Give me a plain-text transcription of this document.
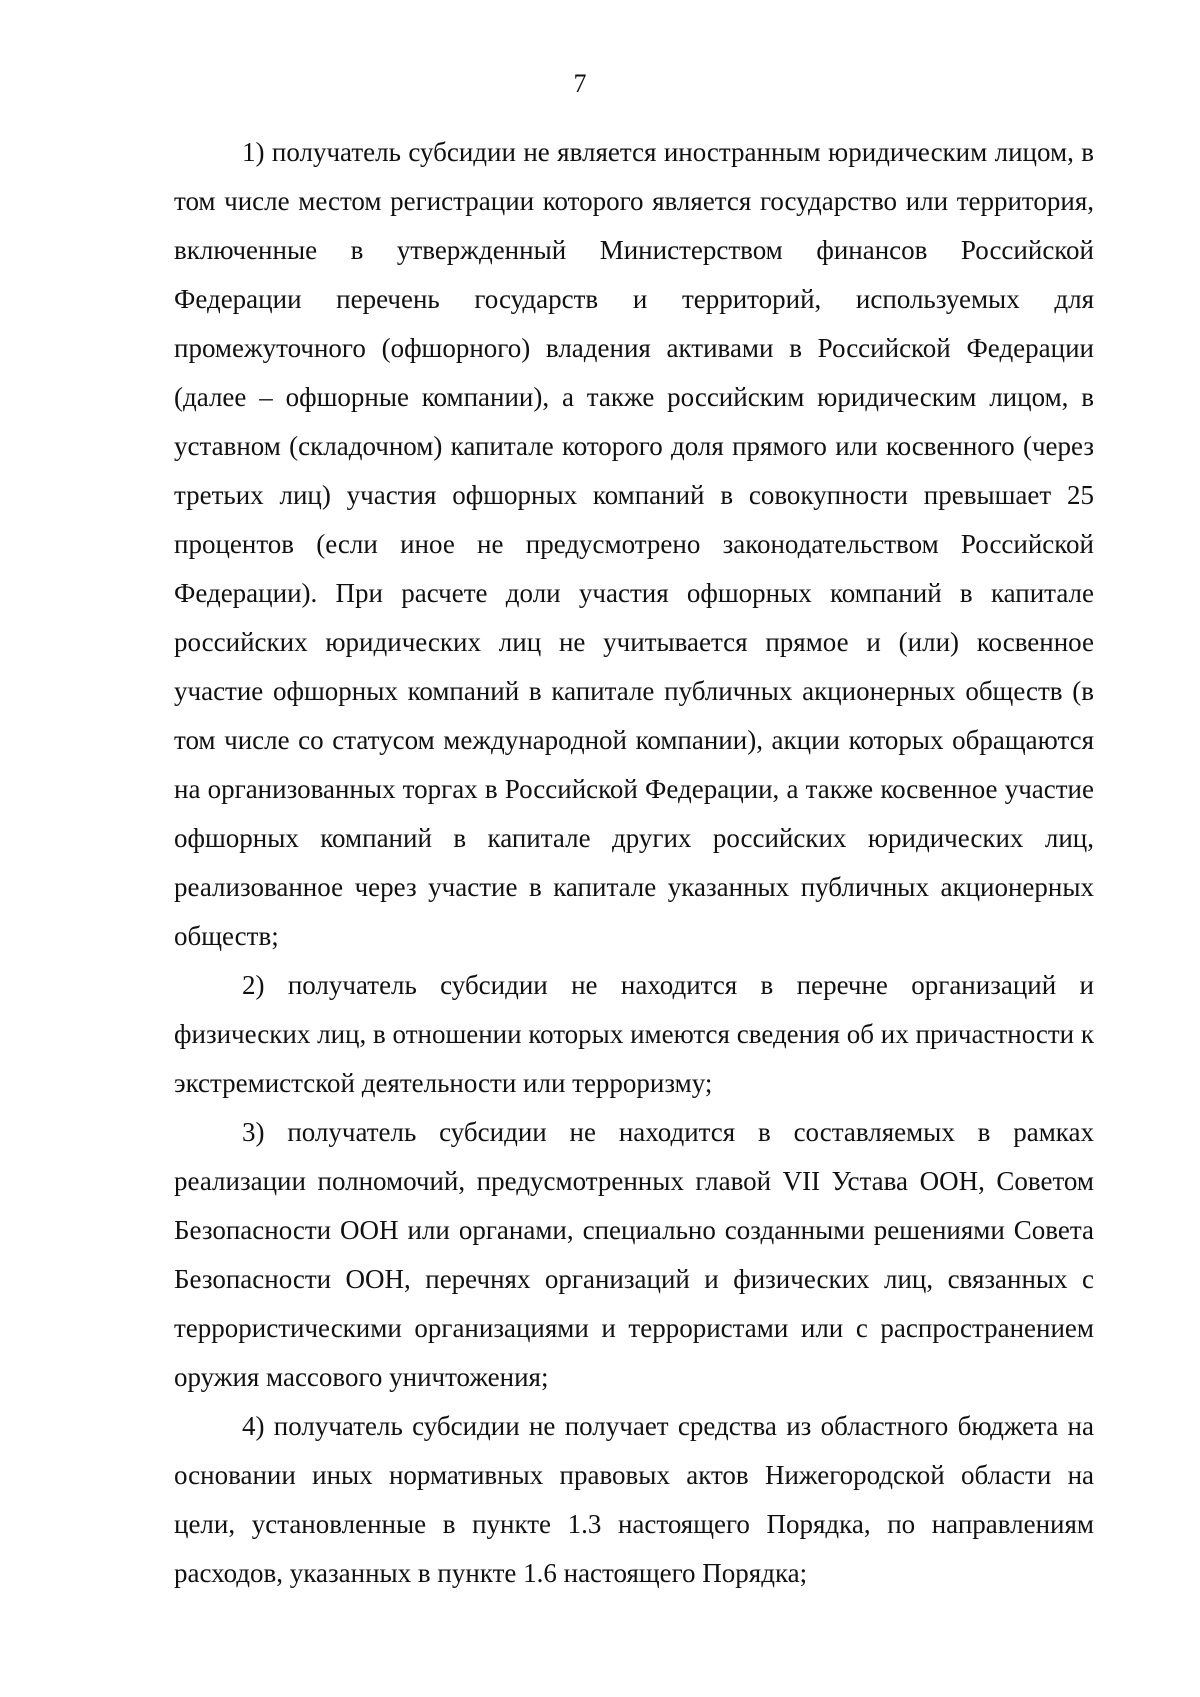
7

1) получатель субсидии не является иностранным юридическим лицом, в том числе местом регистрации которого является государство или территория, включенные в утвержденный Министерством финансов Российской Федерации перечень государств и территорий, используемых для промежуточного (офшорного) владения активами в Российской Федерации (далее – офшорные компании), а также российским юридическим лицом, в уставном (складочном) капитале которого доля прямого или косвенного (через третьих лиц) участия офшорных компаний в совокупности превышает 25 процентов (если иное не предусмотрено законодательством Российской Федерации). При расчете доли участия офшорных компаний в капитале российских юридических лиц не учитывается прямое и (или) косвенное участие офшорных компаний в капитале публичных акционерных обществ (в том числе со статусом международной компании), акции которых обращаются на организованных торгах в Российской Федерации, а также косвенное участие офшорных компаний в капитале других российских юридических лиц, реализованное через участие в капитале указанных публичных акционерных обществ;

2) получатель субсидии не находится в перечне организаций и физических лиц, в отношении которых имеются сведения об их причастности к экстремистской деятельности или терроризму;

3) получатель субсидии не находится в составляемых в рамках реализации полномочий, предусмотренных главой VII Устава ООН, Советом Безопасности ООН или органами, специально созданными решениями Совета Безопасности ООН, перечнях организаций и физических лиц, связанных с террористическими организациями и террористами или с распространением оружия массового уничтожения;

4) получатель субсидии не получает средства из областного бюджета на основании иных нормативных правовых актов Нижегородской области на цели, установленные в пункте 1.3 настоящего Порядка, по направлениям расходов, указанных в пункте 1.6 настоящего Порядка;
